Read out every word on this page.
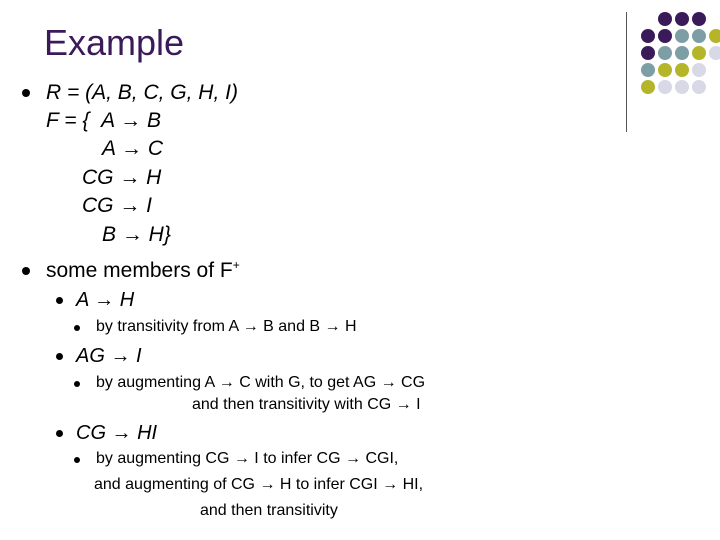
Example
R = (A, B, C, G, H, I)
F = { A → B
A → C
CG → H
CG → I
B → H}
some members of F+
A → H
by transitivity from A → B and B → H
AG → I
by augmenting A → C with G, to get AG → CG
and then transitivity with CG → I
CG → HI
by augmenting CG → I to infer CG → CGI,
and augmenting of CG → H to infer CGI → HI,
and then transitivity
